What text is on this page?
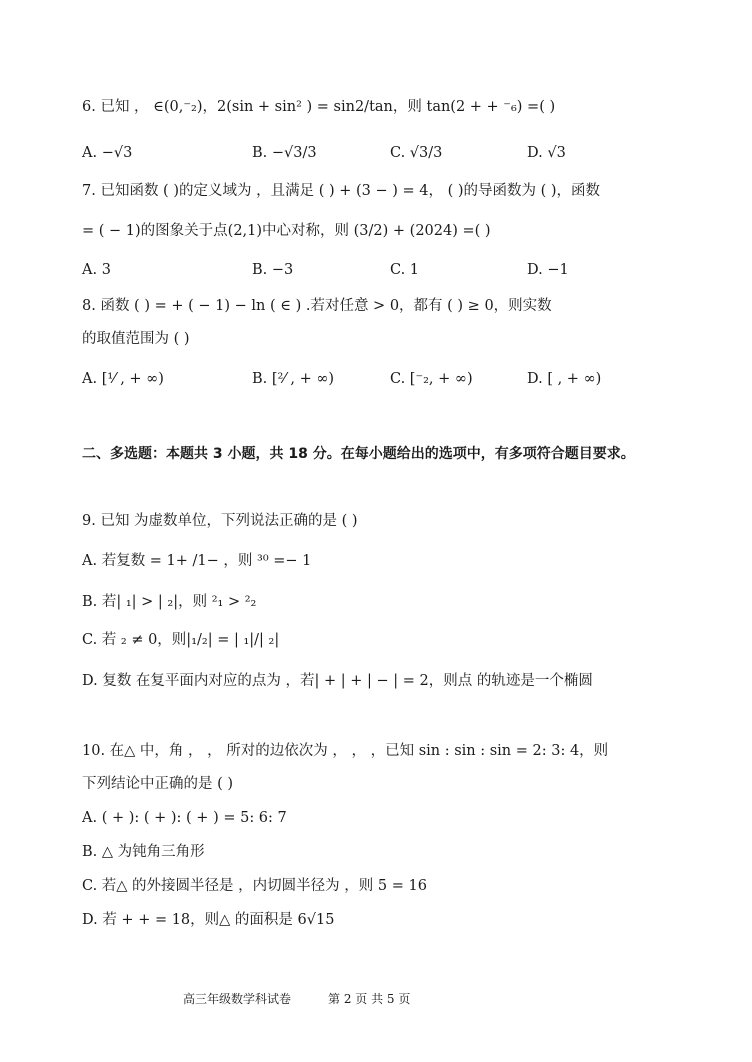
6. 已知 ， ∈(0,⁻₂)，2(sin + sin² ) = sin2/tan，则 tan(2 + + ⁻₆) =( )
A. −√3	B. −√3/3	C. √3/3	D. √3
7. 已知函数 ( )的定义域为 ，且满足 ( ) + (3 − ) = 4， ( )的导函数为 ( )，函数
= ( − 1)的图象关于点(2,1)中心对称，则 (3/2) + (2024) =( )
A. 3	B. −3	C. 1	D. −1
8. 函数 ( ) = + ( − 1) − ln ( ∈ ) .若对任意 > 0，都有 ( ) ≥ 0，则实数
的取值范围为 ( )
A. [¹⁄ , + ∞)	B. [²⁄ , + ∞)	C. [⁻₂, + ∞)	D. [ , + ∞)
二、多选题：本题共 3 小题，共 18 分。在每小题给出的选项中，有多项符合题目要求。
9. 已知 为虚数单位，下列说法正确的是 ( )
A. 若复数 = 1+ /1− ，则 ³⁰ =− 1
B. 若| ₁| > | ₂|，则 ²₁ > ²₂
C. 若 ₂ ≠ 0，则|₁/₂| = | ₁|/| ₂|
D. 复数 在复平面内对应的点为 ，若| + | + | − | = 2，则点 的轨迹是一个椭圆
10. 在△ 中，角 ， ， 所对的边依次为 ， ， ，已知 sin : sin : sin = 2: 3: 4，则
下列结论中正确的是 ( )
A. ( + ): ( + ): ( + ) = 5: 6: 7
B. △ 为钝角三角形
C. 若△ 的外接圆半径是 ，内切圆半径为 ，则 5 = 16
D. 若 + + = 18，则△ 的面积是 6√15
高三年级数学科试卷	第 2 页 共 5 页
